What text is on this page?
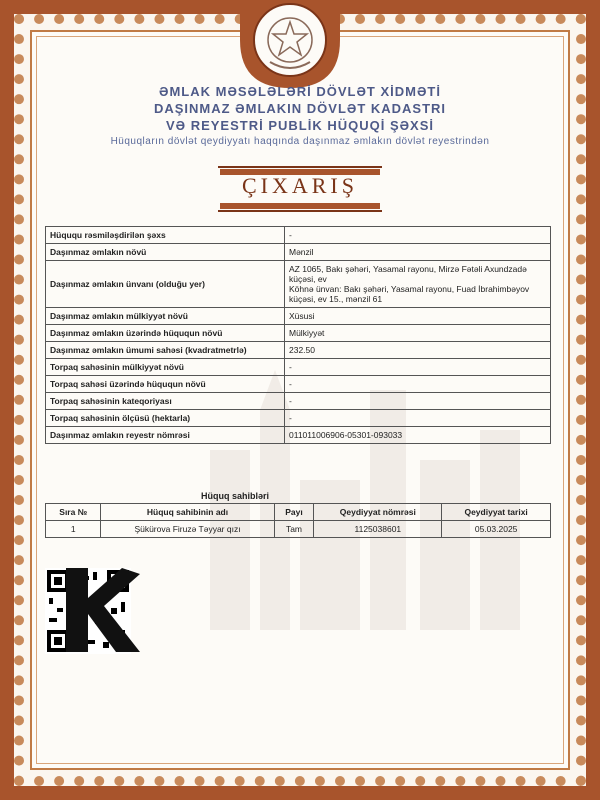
ƏMLAK MƏSƏLƏLƏRİ DÖVLƏT XİDMƏTİ
DAŞINMAZ ƏMLAKIN DÖVLƏT KADASTRI
VƏ REYESTRİ PUBLİK HÜQUQİ ŞƏXSİ
Hüquqların dövlət qeydiyyatı haqqında daşınmaz əmlakın dövlət reyestrindən
ÇIXARIŞ
Hüququ rəsmiləşdirilən şəxs	-
Daşınmaz əmlakın növü	Mənzil
Daşınmaz əmlakın ünvanı (olduğu yer)	AZ 1065, Bakı şəhəri, Yasamal rayonu, Mirzə Fətəli Axundzadə küçəsi, ev
Köhnə ünvan: Bakı şəhəri, Yasamal rayonu, Fuad İbrahimbəyov küçəsi, ev 15., mənzil 61

Daşınmaz əmlakın mülkiyyət növü	Xüsusi
Daşınmaz əmlakın üzərində hüququn növü	Mülkiyyət
Daşınmaz əmlakın ümumi sahəsi (kvadratmetrlə)	232.50
Torpaq sahəsinin mülkiyyət növü	-
Torpaq sahəsi üzərində hüququn növü	-
Torpaq sahəsinin kateqoriyası	-
Torpaq sahəsinin ölçüsü (hektarla)	-
Daşınmaz əmlakın reyestr nömrəsi	011011006906-05301-093033
Hüquq sahibləri
Sıra №	Hüquq sahibinin adı	Payı	Qeydiyyat nömrəsi	Qeydiyyat tarixi
1	Şükürova Firuzə Təyyar qızı	Tam	1125038601	05.03.2025
